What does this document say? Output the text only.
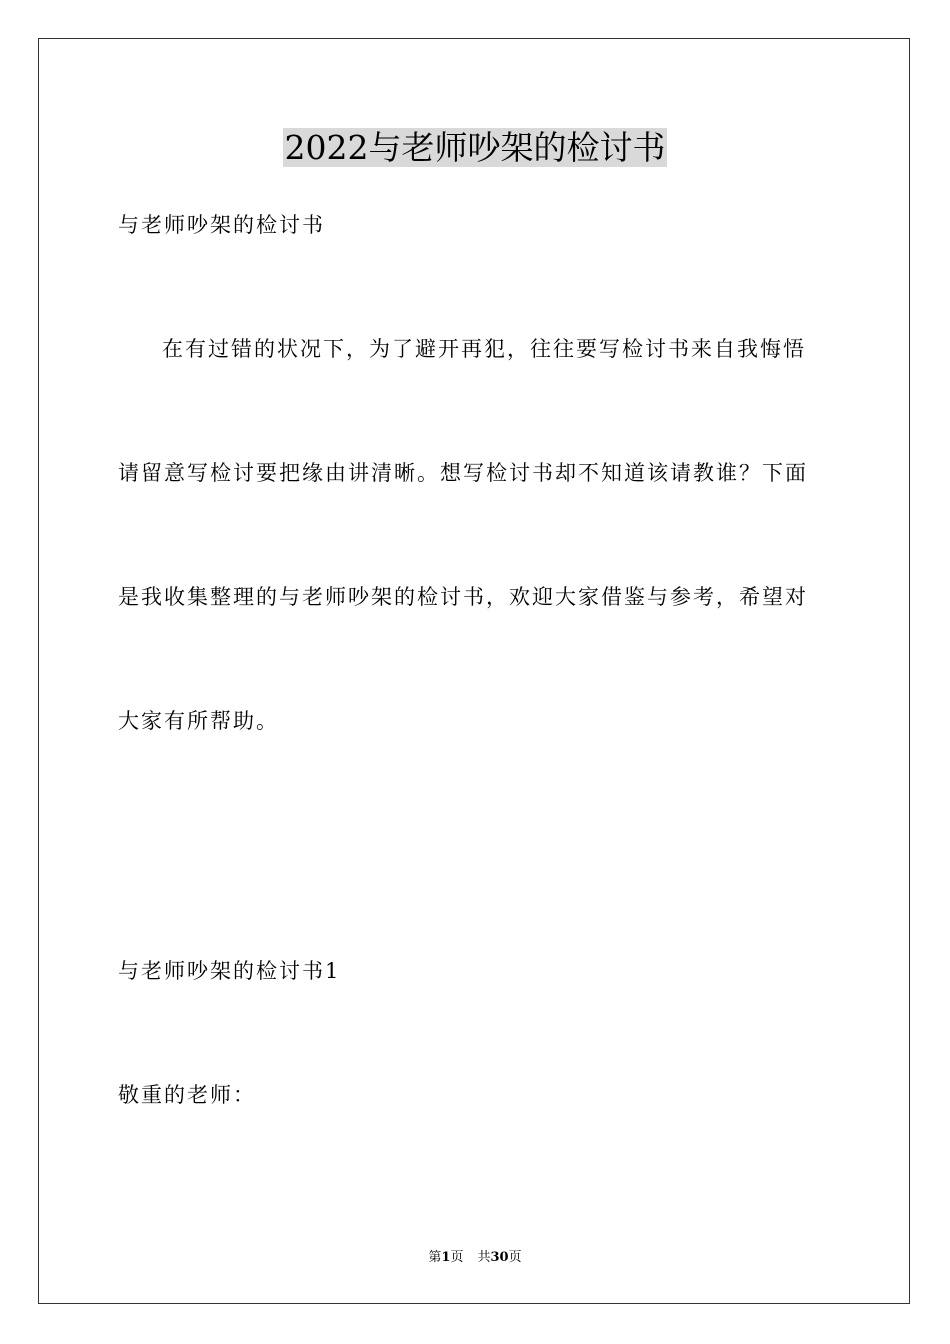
2022与老师吵架的检讨书
与老师吵架的检讨书
在有过错的状况下，为了避开再犯，往往要写检讨书来自我悔悟
请留意写检讨要把缘由讲清晰。想写检讨书却不知道该请教谁？下面
是我收集整理的与老师吵架的检讨书，欢迎大家借鉴与参考，希望对
大家有所帮助。
与老师吵架的检讨书1
敬重的老师：
第1页 共30页
